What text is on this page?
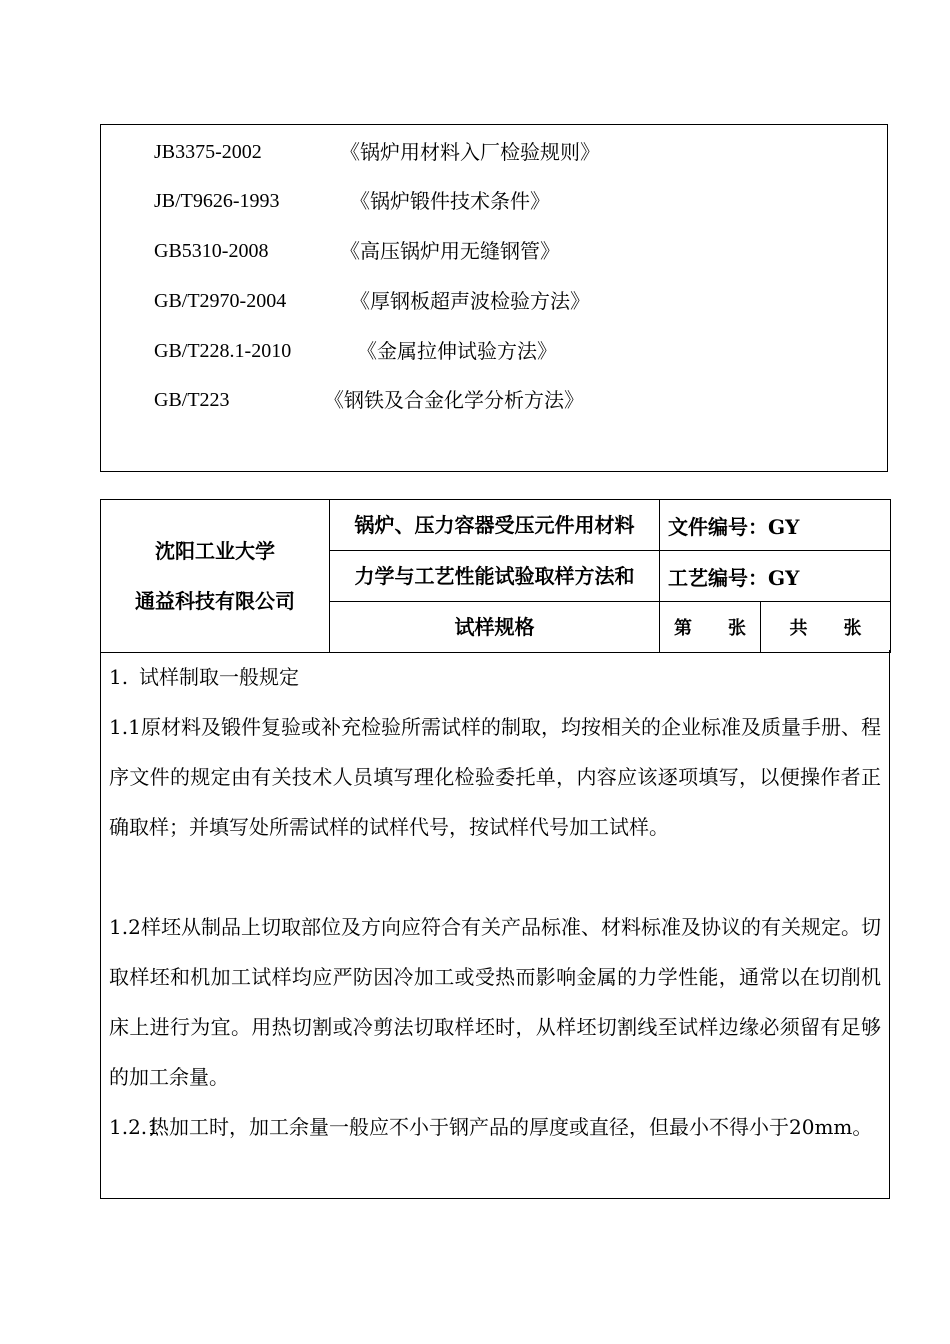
JB3375-2002	《锅炉用材料入厂检验规则》
JB/T9626-1993	《锅炉锻件技术条件》
GB5310-2008	《高压锅炉用无缝钢管》
GB/T2970-2004	《厚钢板超声波检验方法》
GB/T228.1-2010	《金属拉伸试验方法》
GB/T223	《钢铁及合金化学分析方法》
沈阳工业大学
通益科技有限公司	锅炉、压力容器受压元件用材料	文件编号：GY	
	力学与工艺性能试验取样方法和	工艺编号：GY	
	试样规格	第　　张	共　　张
1. 试样制取一般规定
1.1 原材料及锻件复验或补充检验所需试样的制取，均按相关的企业标准及质量手册、程序文件的规定由有关技术人员填写理化检验委托单，内容应该逐项填写，以便操作者正确取样；并填写处所需试样的试样代号，按试样代号加工试样。
1.2 样坯从制品上切取部位及方向应符合有关产品标准、材料标准及协议的有关规定。切取样坯和机加工试样均应严防因冷加工或受热而影响金属的力学性能，通常以在切削机床上进行为宜。用热切割或冷剪法切取样坯时，从样坯切割线至试样边缘必须留有足够的加工余量。
1.2.1
热加工时，加工余量一般应不小于钢产品的厚度或直径，但最小不得小于20mm。
